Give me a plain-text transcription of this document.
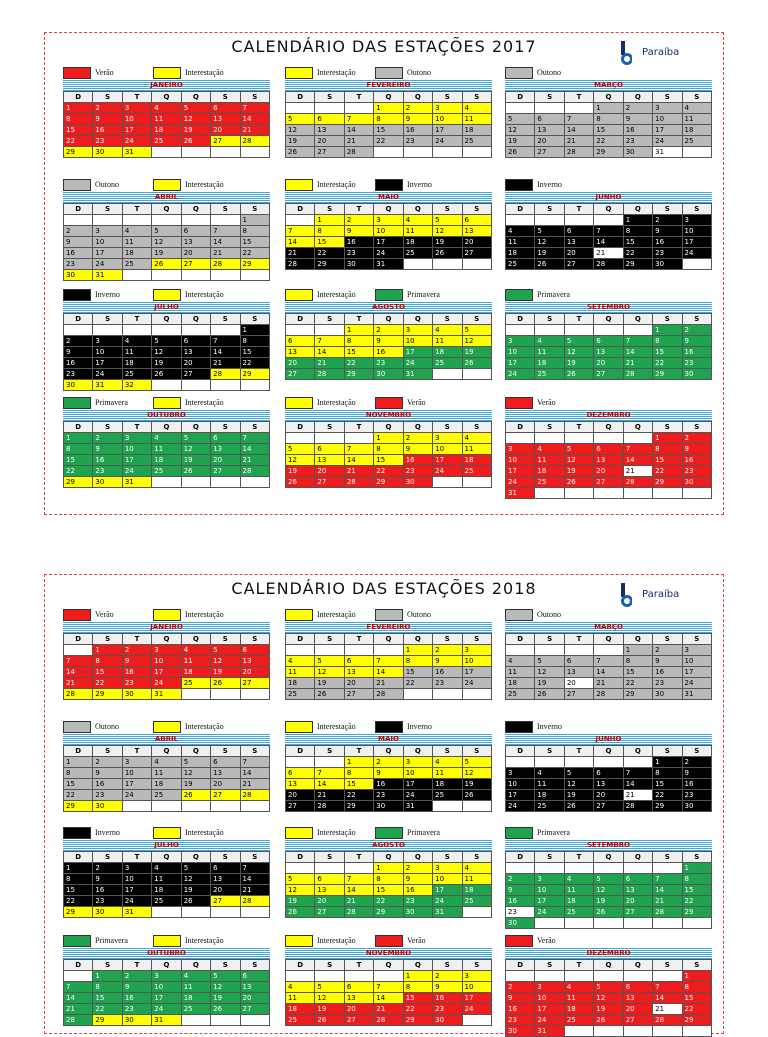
CALENDÁRIO DAS ESTAÇÕES 2017	Paraíba
Verão	Interestação
JANEIRO
D	S	T	Q	Q	S	S
1	2	3	4	5	6	7
8	9	10	11	12	13	14
15	16	17	18	19	20	21
22	23	24	25	26	27	28
29	30	31				
Interestação	Outono
FEVEREIRO
D	S	T	Q	Q	S	S
			1	2	3	4
5	6	7	8	9	10	11
12	13	14	15	16	17	18
19	20	21	22	23	24	25
26	27	28				
Outono
MARÇO
D	S	T	Q	Q	S	S
			1	2	3	4
5	6	7	8	9	10	11
12	13	14	15	16	17	18
19	20	21	22	23	24	25
26	27	28	29	30	31	
Outono	Interestação
ABRIL
D	S	T	Q	Q	S	S
						1
2	3	4	5	6	7	8
9	10	11	12	13	14	15
16	17	18	19	20	21	22
23	24	25	26	27	28	29
30	31					
Interestação	Inverno
MAIO
D	S	T	Q	Q	S	S
	1	2	3	4	5	6
7	8	9	10	11	12	13
14	15	16	17	18	19	20
21	22	23	24	25	26	27
28	29	30	31			
Inverno
JUNHO
D	S	T	Q	Q	S	S
				1	2	3
4	5	6	7	8	9	10
11	12	13	14	15	16	17
18	19	20	21	22	23	24
25	26	27	28	29	30	
Inverno	Interestação
JULHO
D	S	T	Q	Q	S	S
						1
2	3	4	5	6	7	8
9	10	11	12	13	14	15
16	17	18	19	20	21	22
23	24	25	26	27	28	29
30	31	32				
Interestação	Primavera
AGOSTO
D	S	T	Q	Q	S	S
		1	2	3	4	5
6	7	8	9	10	11	12
13	14	15	16	17	18	19
20	21	22	23	24	25	26
27	28	29	30	31		
Primavera
SETEMBRO
D	S	T	Q	Q	S	S
					1	2
3	4	5	6	7	8	9
10	11	12	13	14	15	16
17	18	19	20	21	22	23
24	25	26	27	28	29	30
Primavera	Interestação
OUTUBRO
D	S	T	Q	Q	S	S
1	2	3	4	5	6	7
8	9	10	11	12	13	14
15	16	17	18	19	20	21
22	23	24	25	26	27	28
29	30	31				
Interestação	Verão
NOVEMBRO
D	S	T	Q	Q	S	S
			1	2	3	4
5	6	7	8	9	10	11
12	13	14	15	16	17	18
19	20	21	22	23	24	25
26	27	28	29	30		
Verão
DEZEMBRO
D	S	T	Q	Q	S	S
					1	2
3	4	5	6	7	8	9
10	11	12	13	14	15	16
17	18	19	20	21	22	23
24	25	26	27	28	29	30
31						
CALENDÁRIO DAS ESTAÇÕES 2018	Paraíba
Verão	Interestação
JANEIRO
D	S	T	Q	Q	S	S
	1	2	3	4	5	6
7	8	9	10	11	12	13
14	15	16	17	18	19	20
21	22	23	24	25	26	27
28	29	30	31			
Interestação	Outono
FEVEREIRO
D	S	T	Q	Q	S	S
				1	2	3
4	5	6	7	8	9	10
11	12	13	14	15	16	17
18	19	20	21	22	23	24
25	26	27	28			
Outono
MARÇO
D	S	T	Q	Q	S	S
				1	2	3
4	5	6	7	8	9	10
11	12	13	14	15	16	17
18	19	20	21	22	23	24
25	26	27	28	29	30	31
Outono	Interestação
ABRIL
D	S	T	Q	Q	S	S
1	2	3	4	5	6	7
8	9	10	11	12	13	14
15	16	17	18	19	20	21
22	23	24	25	26	27	28
29	30					
Interestação	Inverno
MAIO
D	S	T	Q	Q	S	S
		1	2	3	4	5
6	7	8	9	10	11	12
13	14	15	16	17	18	19
20	21	22	23	24	25	26
27	28	29	30	31		
Inverno
JUNHO
D	S	T	Q	Q	S	S
					1	2
3	4	5	6	7	8	9
10	11	12	13	14	15	16
17	18	19	20	21	22	23
24	25	26	27	28	29	30
Inverno	Interestação
JULHO
D	S	T	Q	Q	S	S
1	2	3	4	5	6	7
8	9	10	11	12	13	14
15	16	17	18	19	20	21
22	23	24	25	26	27	28
29	30	31				
Interestação	Primavera
AGOSTO
D	S	T	Q	Q	S	S
			1	2	3	4
5	6	7	8	9	10	11
12	13	14	15	16	17	18
19	20	21	22	23	24	25
26	27	28	29	30	31	
Primavera
SETEMBRO
D	S	T	Q	Q	S	S
						1
2	3	4	5	6	7	8
9	10	11	12	13	14	15
16	17	18	19	20	21	22
23	24	25	26	27	28	29
30						
Primavera	Interestação
OUTUBRO
D	S	T	Q	Q	S	S
	1	2	3	4	5	6
7	8	9	10	11	12	13
14	15	16	17	18	19	20
21	22	23	24	25	26	27
28	29	30	31			
Interestação	Verão
NOVEMBRO
D	S	T	Q	Q	S	S
				1	2	3
4	5	6	7	8	9	10
11	12	13	14	15	16	17
18	19	20	21	22	23	24
25	26	27	28	29	30	
Verão
DEZEMBRO
D	S	T	Q	Q	S	S
						1
2	3	4	5	6	7	8
9	10	11	12	13	14	15
16	17	18	19	20	21	22
23	24	25	26	27	28	29
30	31					
